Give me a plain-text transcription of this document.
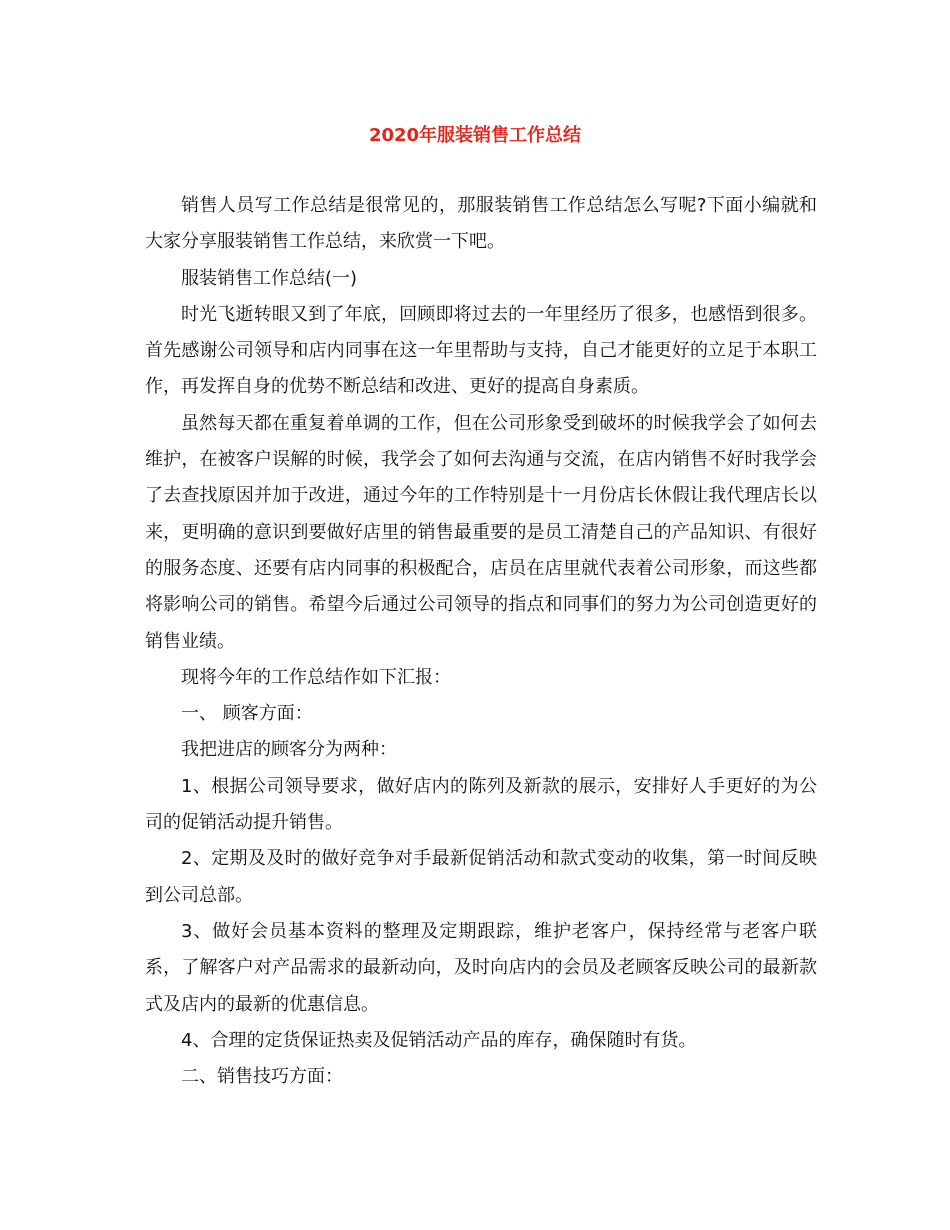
2020年服装销售工作总结

销售人员写工作总结是很常见的，那服装销售工作总结怎么写呢?下面小编就和大家分享服装销售工作总结，来欣赏一下吧。

服装销售工作总结(一)

时光飞逝转眼又到了年底，回顾即将过去的一年里经历了很多，也感悟到很多。首先感谢公司领导和店内同事在这一年里帮助与支持，自己才能更好的立足于本职工作，再发挥自身的优势不断总结和改进、更好的提高自身素质。

虽然每天都在重复着单调的工作，但在公司形象受到破坏的时候我学会了如何去维护，在被客户误解的时候，我学会了如何去沟通与交流，在店内销售不好时我学会了去查找原因并加于改进，通过今年的工作特别是十一月份店长休假让我代理店长以来，更明确的意识到要做好店里的销售最重要的是员工清楚自己的产品知识、有很好的服务态度、还要有店内同事的积极配合，店员在店里就代表着公司形象，而这些都将影响公司的销售。希望今后通过公司领导的指点和同事们的努力为公司创造更好的销售业绩。

现将今年的工作总结作如下汇报：

一、 顾客方面：

我把进店的顾客分为两种：

1、根据公司领导要求，做好店内的陈列及新款的展示，安排好人手更好的为公司的促销活动提升销售。

2、定期及及时的做好竞争对手最新促销活动和款式变动的收集，第一时间反映到公司总部。

3、做好会员基本资料的整理及定期跟踪，维护老客户，保持经常与老客户联系，了解客户对产品需求的最新动向，及时向店内的会员及老顾客反映公司的最新款式及店内的最新的优惠信息。

4、合理的定货保证热卖及促销活动产品的库存，确保随时有货。

二、销售技巧方面：
